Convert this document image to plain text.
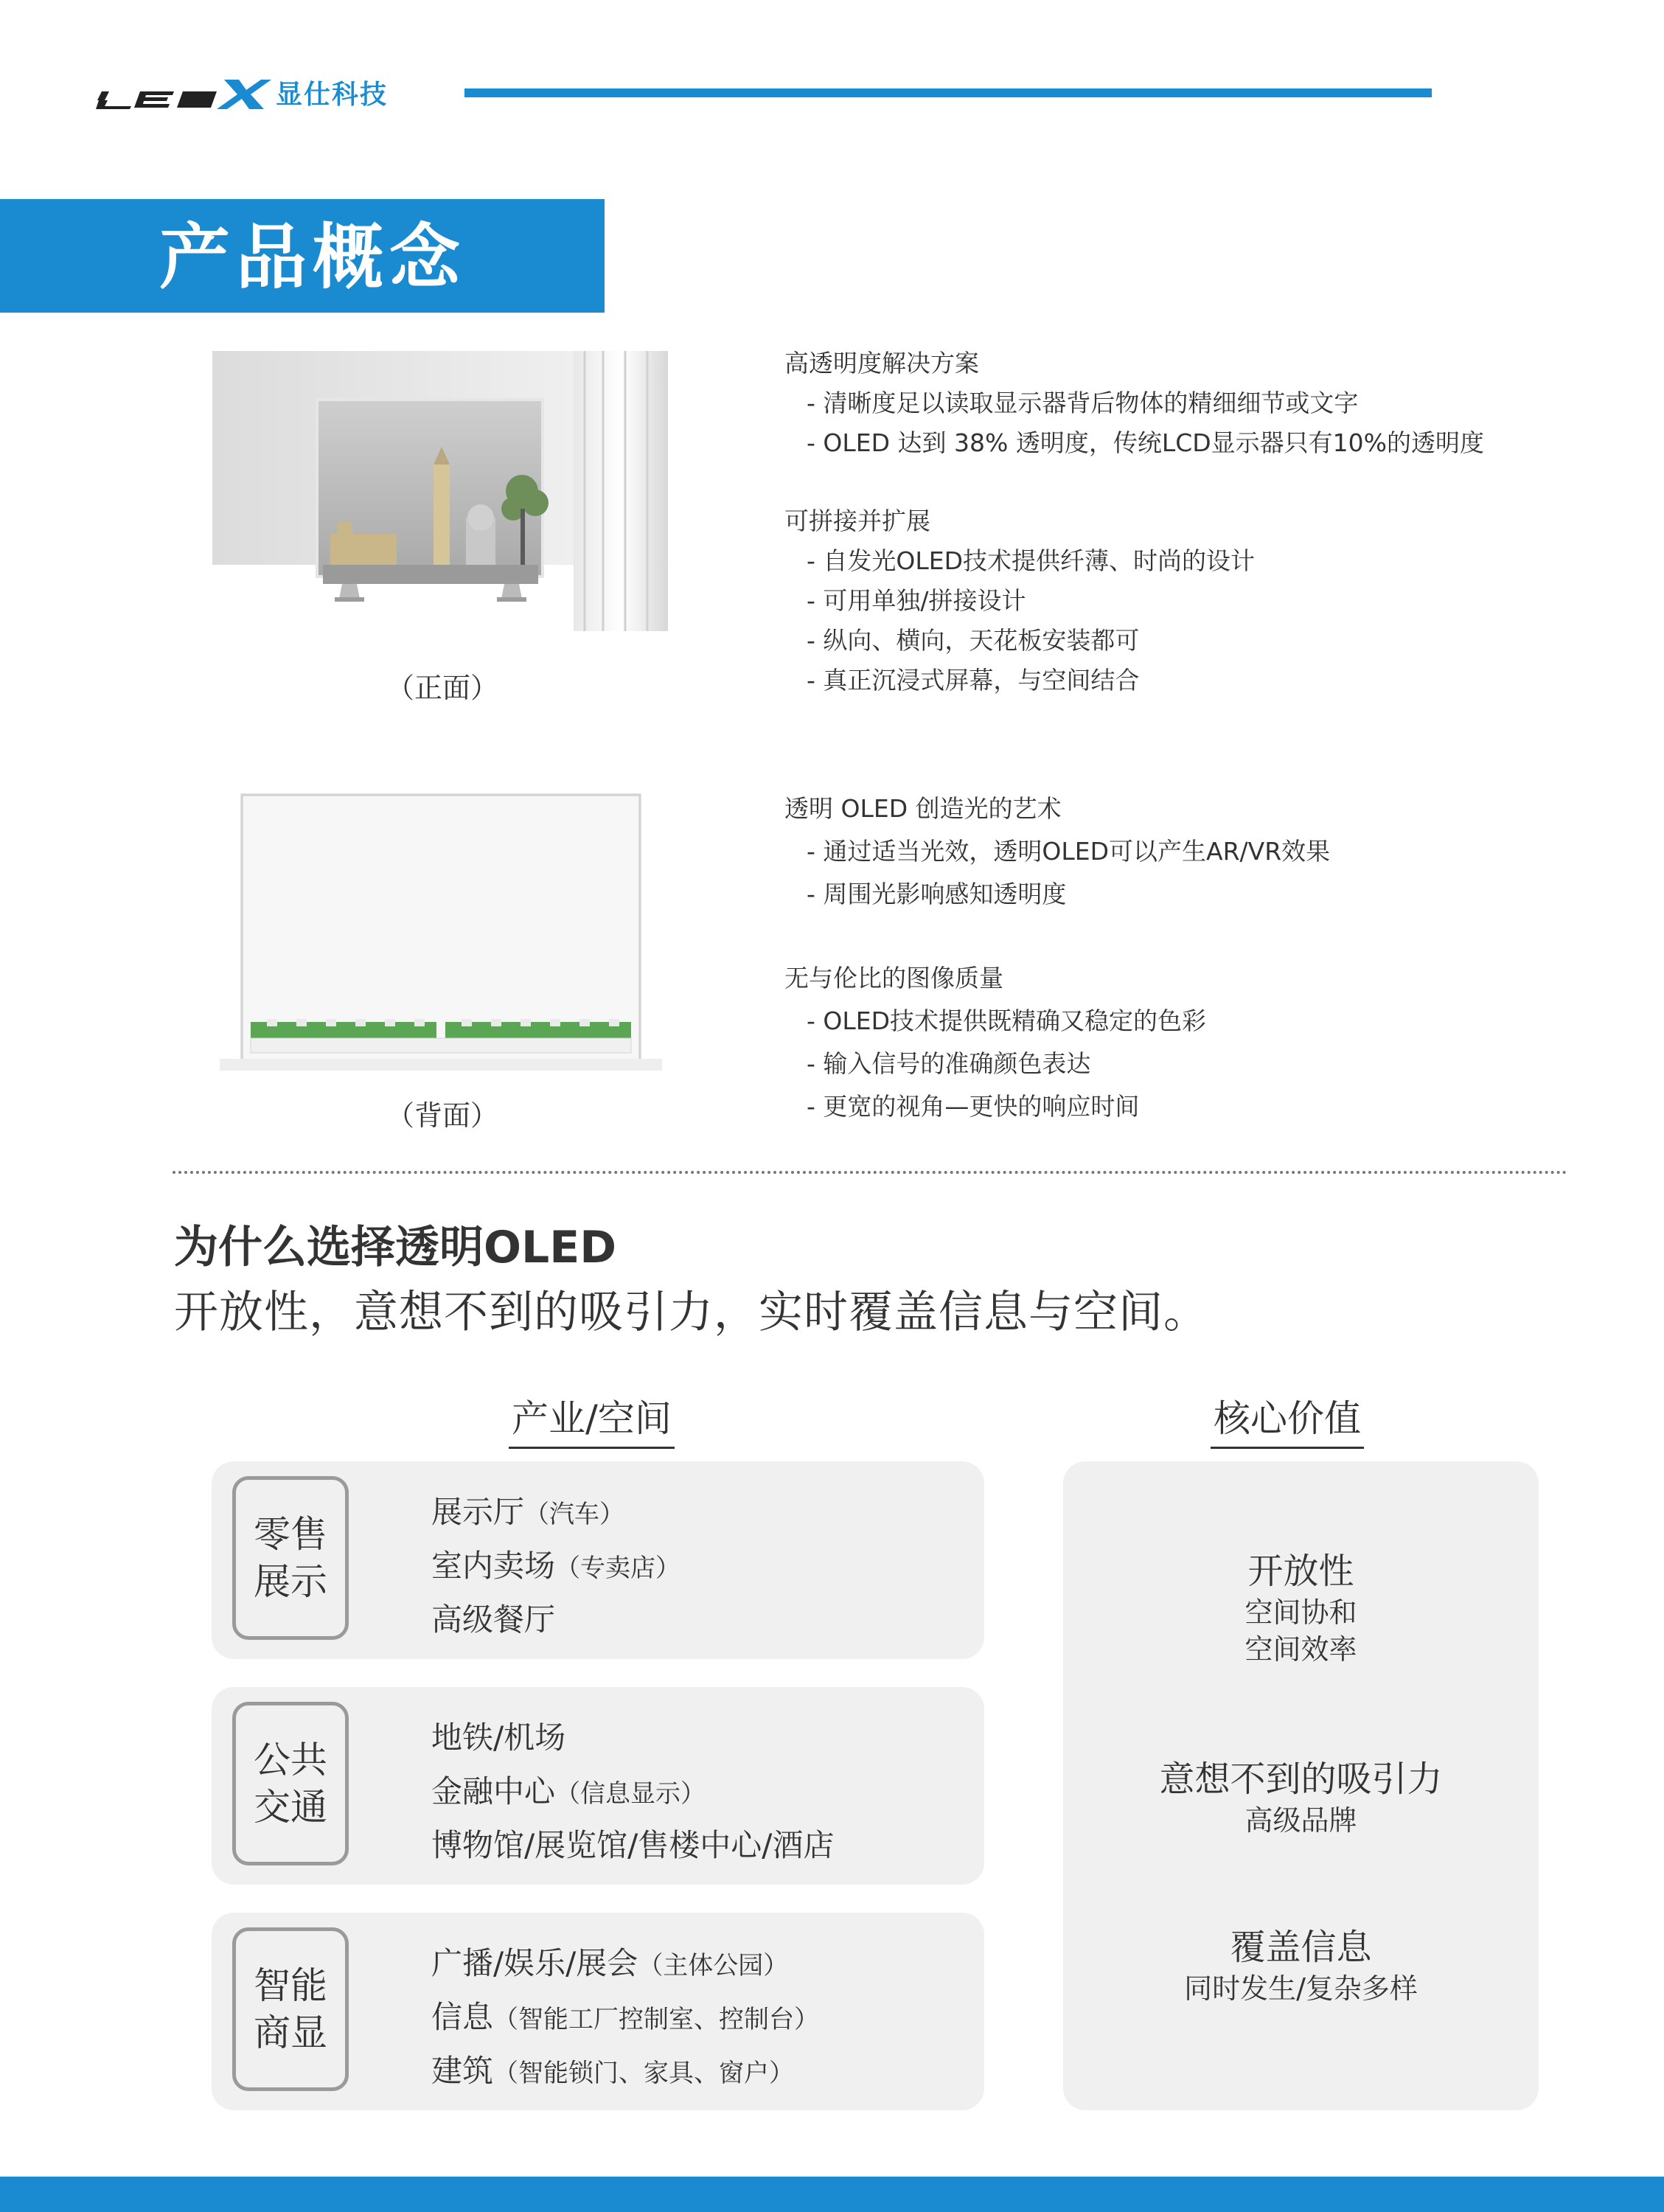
显仕科技
产品概念
（正面）
（背面）

高透明度解决方案

- 清晰度足以读取显示器背后物体的精细细节或文字

- OLED 达到 38% 透明度，传统LCD显示器只有10%的透明度

可拼接并扩展

- 自发光OLED技术提供纤薄、时尚的设计

- 可用单独/拼接设计

- 纵向、横向，天花板安装都可

- 真正沉浸式屏幕，与空间结合

透明 OLED 创造光的艺术

- 通过适当光效，透明OLED可以产生AR/VR效果

- 周围光影响感知透明度

无与伦比的图像质量

- OLED技术提供既精确又稳定的色彩

- 输入信号的准确颜色表达

- 更宽的视角—更快的响应时间

为什么选择透明OLED
开放性，意想不到的吸引力，实时覆盖信息与空间。
产业/空间	核心价值
零售
展示
展示厅（汽车）
室内卖场（专卖店）
高级餐厅
公共
交通
地铁/机场
金融中心（信息显示）
博物馆/展览馆/售楼中心/酒店
智能
商显
广播/娱乐/展会（主体公园）
信息（智能工厂控制室、控制台）
建筑（智能锁门、家具、窗户）
开放性
空间协和
空间效率
意想不到的吸引力
高级品牌
覆盖信息
同时发生/复杂多样
